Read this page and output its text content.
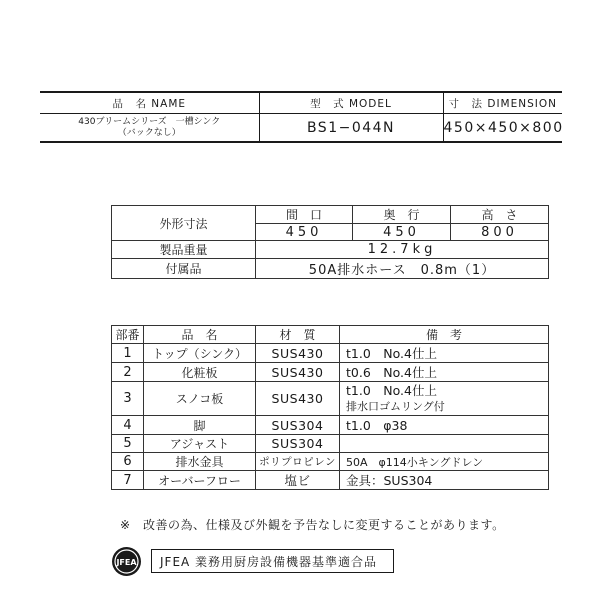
品　名 NAME	型　式 MODEL	寸　法 DIMENSION

430ブリームシリーズ　一槽シンク
（バックなし）	BS1−044N	450×450×800
外形寸法	間　口	奥　行	高　さ
	450	450	800
製品重量	12.7kg		
付属品	50A排水ホース　0.8m（1）		
部番	品　名	材　質	備　考
1	トップ（シンク）	SUS430	t1.0　No.4仕上
2	化粧板	SUS430	t0.6　No.4仕上
3	スノコ板	SUS430	t1.0　No.4仕上
排水口ゴムリング付

4	脚	SUS304	t1.0　φ38
5	アジャスト	SUS304	
6	排水金具	ポリプロピレン	50A　φ114小キングドレン
7	オーバーフロー	塩ビ	金具：SUS304
※　改善の為、仕様及び外観を予告なしに変更することがあります。
JFEA	JFEA 業務用厨房設備機器基準適合品
